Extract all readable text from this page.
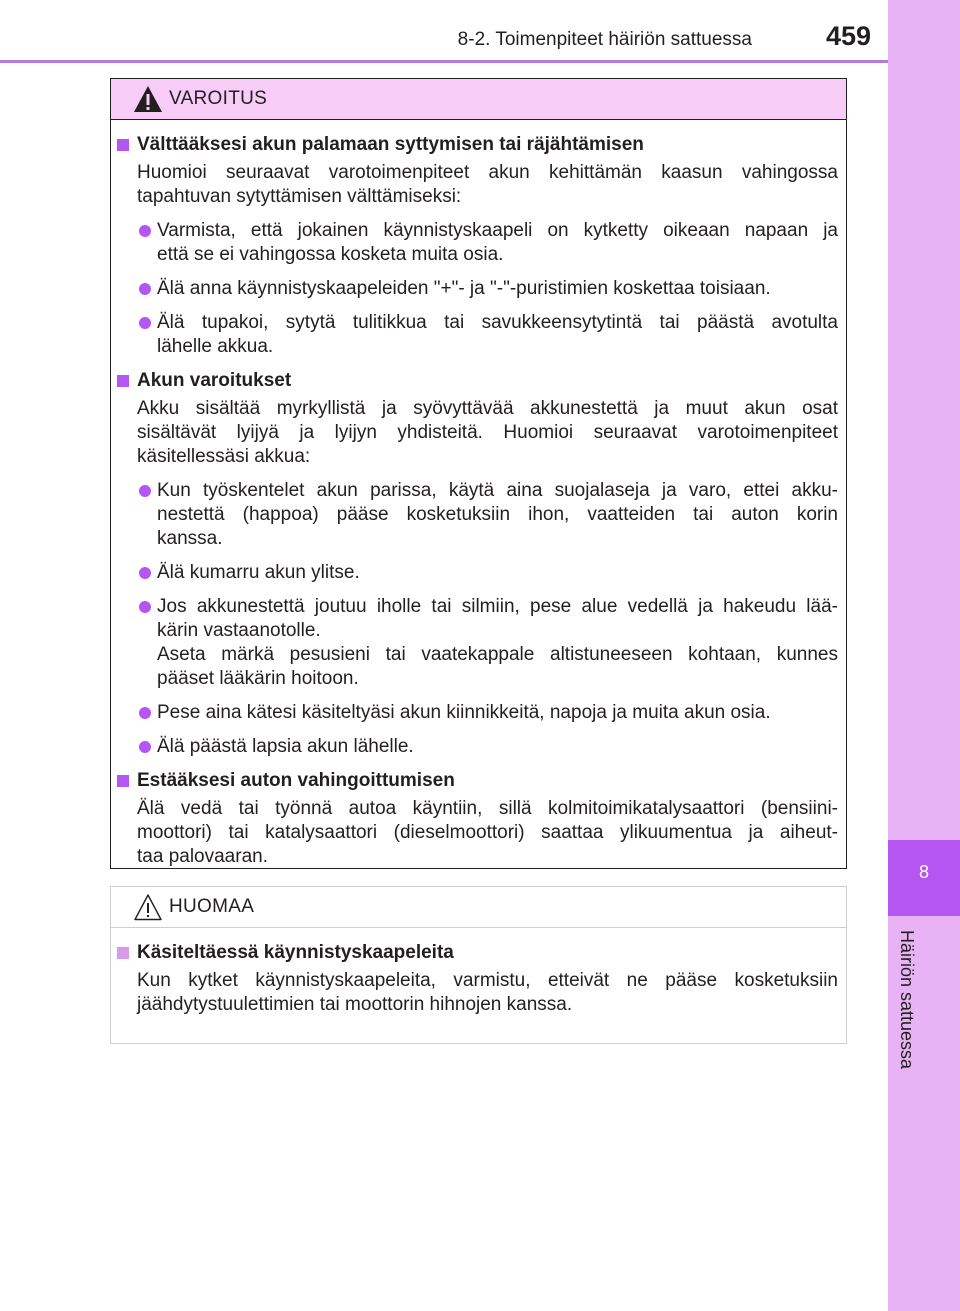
8-2. Toimenpiteet häiriön sattuessa	459
8
Häiriön sattuessa
VAROITUS
Välttääksesi akun palamaan syttymisen tai räjähtämisen
Huomioi seuraavat varotoimenpiteet akun kehittämän kaasun vahingossa
tapahtuvan sytyttämisen välttämiseksi:
Varmista, että jokainen käynnistyskaapeli on kytketty oikeaan napaan ja
että se ei vahingossa kosketa muita osia.
Älä anna käynnistyskaapeleiden "+"- ja "-"-puristimien koskettaa toisiaan.
Älä tupakoi, sytytä tulitikkua tai savukkeensytytintä tai päästä avotulta
lähelle akkua.
Akun varoitukset
Akku sisältää myrkyllistä ja syövyttävää akkunestettä ja muut akun osat
sisältävät lyijyä ja lyijyn yhdisteitä. Huomioi seuraavat varotoimenpiteet
käsitellessäsi akkua:
Kun työskentelet akun parissa, käytä aina suojalaseja ja varo, ettei akku-
nestettä (happoa) pääse kosketuksiin ihon, vaatteiden tai auton korin
kanssa.
Älä kumarru akun ylitse.
Jos akkunestettä joutuu iholle tai silmiin, pese alue vedellä ja hakeudu lää-
kärin vastaanotolle.
Aseta märkä pesusieni tai vaatekappale altistuneeseen kohtaan, kunnes
pääset lääkärin hoitoon.
Pese aina kätesi käsiteltyäsi akun kiinnikkeitä, napoja ja muita akun osia.
Älä päästä lapsia akun lähelle.
Estääksesi auton vahingoittumisen
Älä vedä tai työnnä autoa käyntiin, sillä kolmitoimikatalysaattori (bensiini-
moottori) tai katalysaattori (dieselmoottori) saattaa ylikuumentua ja aiheut-
taa palovaaran.
HUOMAA
Käsiteltäessä käynnistyskaapeleita
Kun kytket käynnistyskaapeleita, varmistu, etteivät ne pääse kosketuksiin
jäähdytystuulettimien tai moottorin hihnojen kanssa.
